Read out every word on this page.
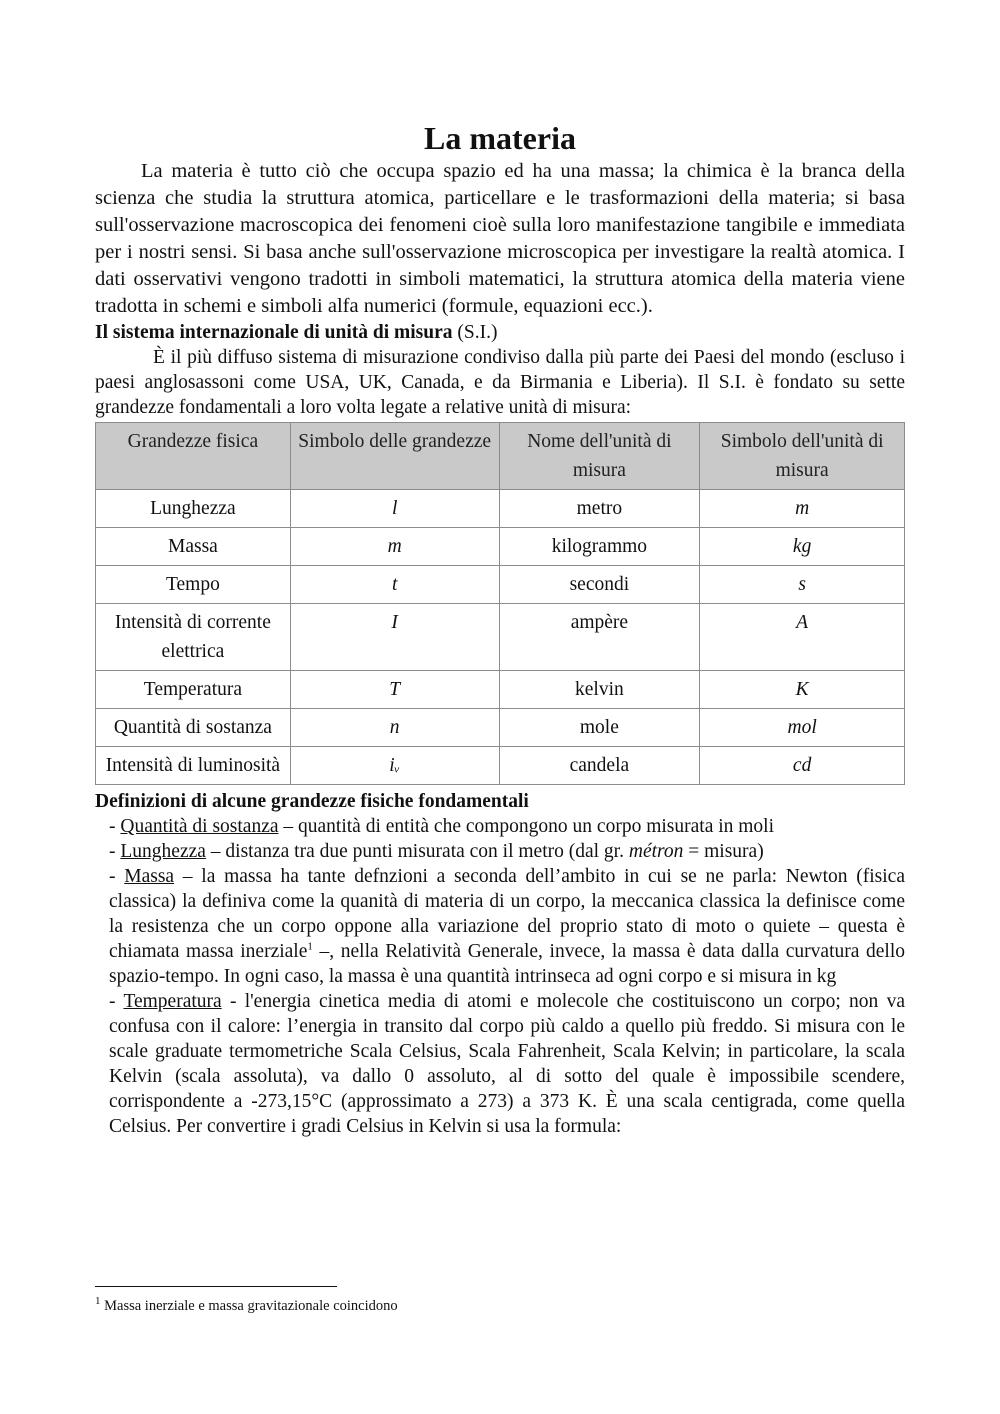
La materia

La materia è tutto ciò che occupa spazio ed ha una massa; la chimica è la branca della scienza che studia la struttura atomica, particellare e le trasformazioni della materia; si basa sull'osservazione macroscopica dei fenomeni cioè sulla loro manifestazione tangibile e immediata per i nostri sensi. Si basa anche sull'osservazione microscopica per investigare la realtà atomica. I dati osservativi vengono tradotti in simboli matematici, la struttura atomica della materia viene tradotta in schemi e simboli alfa numerici (formule, equazioni ecc.).

Il sistema internazionale di unità di misura (S.I.)

È il più diffuso sistema di misurazione condiviso dalla più parte dei Paesi del mondo (escluso i paesi anglosassoni come USA, UK, Canada, e da Birmania e Liberia). Il S.I. è fondato su sette grandezze fondamentali a loro volta legate a relative unità di misura:

Grandezze fisica	Simbolo delle grandezze	Nome dell'unità di misura	Simbolo dell'unità di misura
Lunghezza	l	metro	m
Massa	m	kilogrammo	kg
Tempo	t	secondi	s
Intensità di corrente elettrica	I	ampère	A
Temperatura	T	kelvin	K
Quantità di sostanza	n	mole	mol
Intensità di luminosità	iᵥ	candela	cd

Definizioni di alcune grandezze fisiche fondamentali

- Quantità di sostanza – quantità di entità che compongono un corpo misurata in moli

- Lunghezza – distanza tra due punti misurata con il metro (dal gr. métron = misura)

- Massa – la massa ha tante defnzioni a seconda dell’ambito in cui se ne parla: Newton (fisica classica) la definiva come la quanità di materia di un corpo, la meccanica classica la definisce come la resistenza che un corpo oppone alla variazione del proprio stato di moto o quiete – questa è chiamata massa inerziale$^1$ –, nella Relatività Generale, invece, la massa è data dalla curvatura dello spazio-tempo. In ogni caso, la massa è una quantità intrinseca ad ogni corpo e si misura in kg

- Temperatura - l'energia cinetica media di atomi e molecole che costituiscono un corpo; non va confusa con il calore: l’energia in transito dal corpo più caldo a quello più freddo. Si misura con le scale graduate termometriche Scala Celsius, Scala Fahrenheit, Scala Kelvin; in particolare, la scala Kelvin (scala assoluta), va dallo 0 assoluto, al di sotto del quale è impossibile scendere, corrispondente a -273,15°C (approssimato a 273) a 373 K. È una scala centigrada, come quella Celsius. Per convertire i gradi Celsius in Kelvin si usa la formula:

$^1$ Massa inerziale e massa gravitazionale coincidono
